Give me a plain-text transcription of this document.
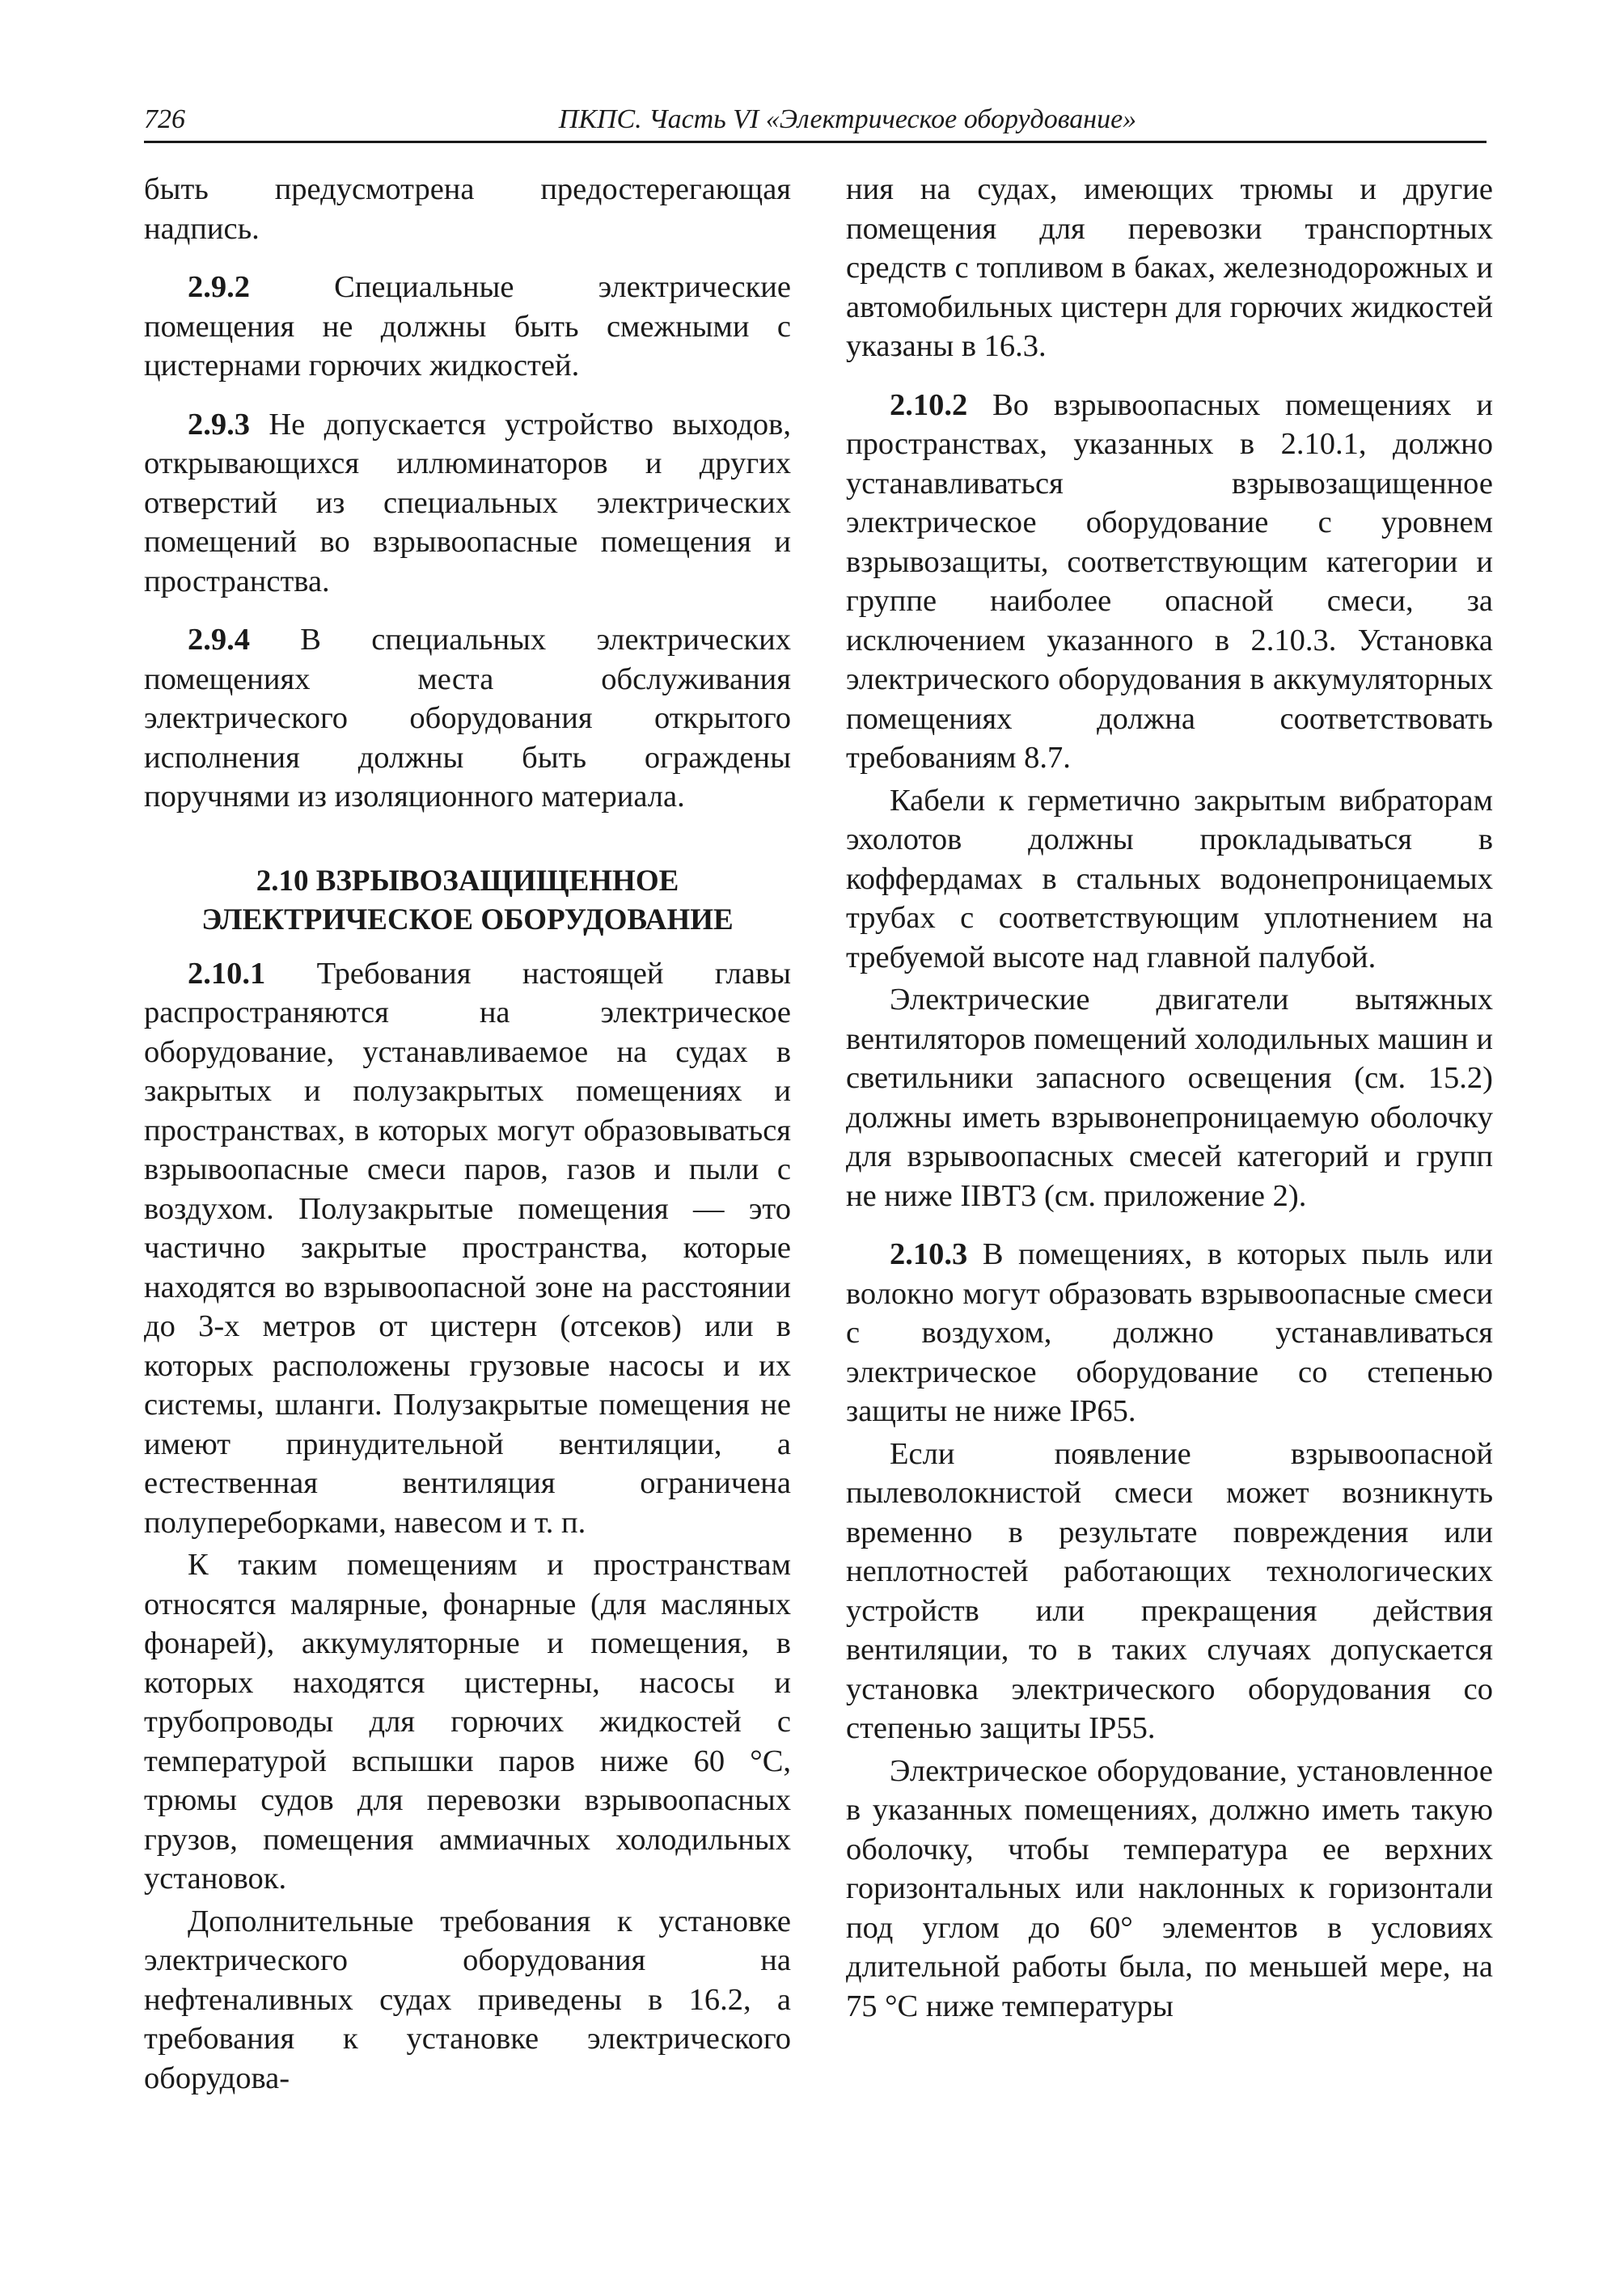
726	ПКПС. Часть VI «Электрическое оборудование»

быть предусмотрена предостерегающая надпись.

2.9.2 Специальные электрические помещения не должны быть смежными с цистернами горючих жидкостей.

2.9.3 Не допускается устройство выходов, открывающихся иллюминаторов и других отверстий из специальных электрических помещений во взрывоопасные помещения и пространства.

2.9.4 В специальных электрических помещениях места обслуживания электрического оборудования открытого исполнения должны быть ограждены поручнями из изоляционного материала.

2.10 ВЗРЫВОЗАЩИЩЕННОЕ
ЭЛЕКТРИЧЕСКОЕ ОБОРУДОВАНИЕ

2.10.1 Требования настоящей главы распространяются на электрическое оборудование, устанавливаемое на судах в закрытых и полузакрытых помещениях и пространствах, в которых могут образовываться взрывоопасные смеси паров, газов и пыли с воздухом. Полузакрытые помещения — это частично закрытые пространства, которые находятся во взрывоопасной зоне на расстоянии до 3-х метров от цистерн (отсеков) или в которых расположены грузовые насосы и их системы, шланги. Полузакрытые помещения не имеют принудительной вентиляции, а естественная вентиляция ограничена полупереборками, навесом и т. п.

К таким помещениям и пространствам относятся малярные, фонарные (для масляных фонарей), аккумуляторные и помещения, в которых находятся цистерны, насосы и трубопроводы для горючих жидкостей с температурой вспышки паров ниже 60 °С, трюмы судов для перевозки взрывоопасных грузов, помещения аммиачных холодильных установок.

Дополнительные требования к установке электрического оборудования на нефтеналивных судах приведены в 16.2, а требования к установке электрического оборудова-

ния на судах, имеющих трюмы и другие помещения для перевозки транспортных средств с топливом в баках, железнодорожных и автомобильных цистерн для горючих жидкостей указаны в 16.3.

2.10.2 Во взрывоопасных помещениях и пространствах, указанных в 2.10.1, должно устанавливаться взрывозащищенное электрическое оборудование с уровнем взрывозащиты, соответствующим категории и группе наиболее опасной смеси, за исключением указанного в 2.10.3. Установка электрического оборудования в аккумуляторных помещениях должна соответствовать требованиям 8.7.

Кабели к герметично закрытым вибраторам эхолотов должны прокладываться в коффердамах в стальных водонепроницаемых трубах с соответствующим уплотнением на требуемой высоте над главной палубой.

Электрические двигатели вытяжных вентиляторов помещений холодильных машин и светильники запасного освещения (см. 15.2) должны иметь взрывонепроницаемую оболочку для взрывоопасных смесей категорий и групп не ниже IIBT3 (см. приложение 2).

2.10.3 В помещениях, в которых пыль или волокно могут образовать взрывоопасные смеси с воздухом, должно устанавливаться электрическое оборудование со степенью защиты не ниже IP65.

Если появление взрывоопасной пылеволокнистой смеси может возникнуть временно в результате повреждения или неплотностей работающих технологических устройств или прекращения действия вентиляции, то в таких случаях допускается установка электрического оборудования со степенью защиты IP55.

Электрическое оборудование, установленное в указанных помещениях, должно иметь такую оболочку, чтобы температура ее верхних горизонтальных или наклонных к горизонтали под углом до 60° элементов в условиях длительной работы была, по меньшей мере, на 75 °С ниже температуры
